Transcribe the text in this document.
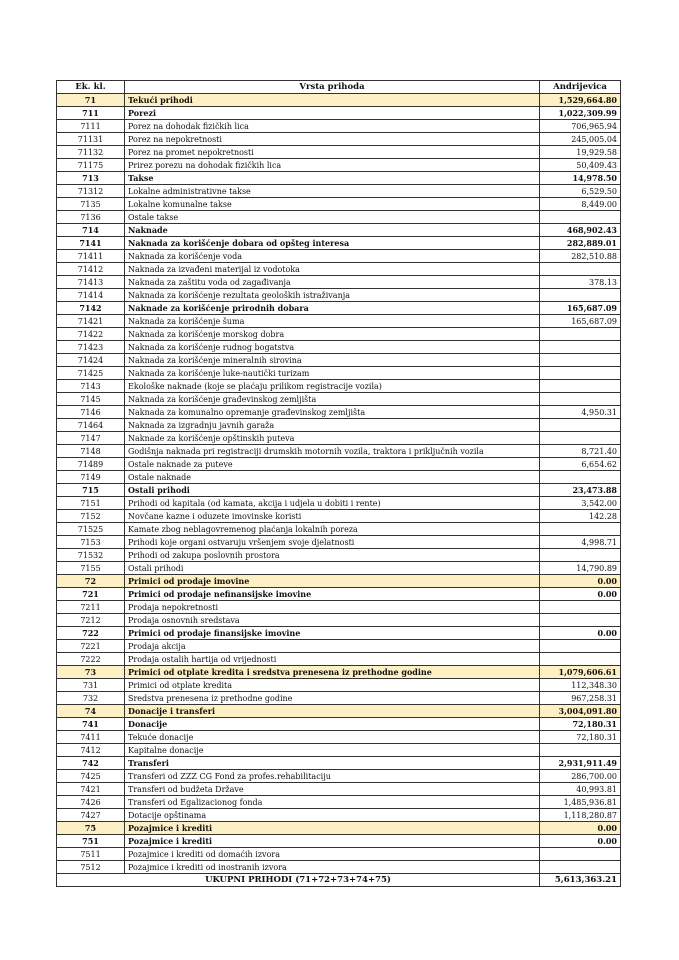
Ek. kl.	Vrsta prihoda	Andrijevica
71	Tekući prihodi	1,529,664.80
711	Porezi	1,022,309.99
7111	Porez na dohodak fizičkih lica	706,965.94
71131	Porez na nepokretnosti	245,005.04
71132	Porez na promet nepokretnosti	19,929.58
71175	Prirez porezu na dohodak fizičkih lica	50,409.43
713	Takse	14,978.50
71312	Lokalne administrativne takse	6,529.50
7135	Lokalne komunalne takse	8,449.00
7136	Ostale takse	
714	Naknade	468,902.43
7141	Naknada za korišćenje dobara od opšteg interesa	282,889.01
71411	Naknada za korišćenje voda	282,510.88
71412	Naknada za izvađeni materijal iz vodotoka	
71413	Naknada za zaštitu voda od zagađivanja	378.13
71414	Naknada za korišćenje rezultata geoloških istraživanja	
7142	Naknade za korišćenje prirodnih dobara	165,687.09
71421	Naknada za korišćenje šuma	165,687.09
71422	Naknada za korišćenje morskog dobra	
71423	Naknada za korišćenje rudnog bogatstva	
71424	Naknada za korišćenje mineralnih sirovina	
71425	Naknada za korišćenje luke-nautički turizam	
7143	Ekološke naknade (koje se plaćaju prilikom registracije vozila)	
7145	Naknada za korišćenje građevinskog zemljišta	
7146	Naknada za komunalno opremanje građevinskog zemljišta	4,950.31
71464	Naknada za izgradnju javnih garaža	
7147	Naknade za korišćenje opštinskih puteva	
7148	Godišnja naknada pri registraciji drumskih motornih vozila, traktora i priključnih vozila	8,721.40
71489	Ostale naknade za puteve	6,654.62
7149	Ostale naknade	
715	Ostali prihodi	23,473.88
7151	Prihodi od kapitala (od kamata, akcija i udjela u dobiti i rente)	3,542.00
7152	Novčane kazne i oduzete imovinske koristi	142.28
71525	Kamate zbog neblagovremenog plaćanja lokalnih poreza	
7153	Prihodi koje organi ostvaruju vršenjem svoje djelatnosti	4,998.71
71532	Prihodi od zakupa poslovnih prostora	
7155	Ostali prihodi	14,790.89
72	Primici od prodaje imovine	0.00
721	Primici od prodaje nefinansijske imovine	0.00
7211	Prodaja nepokretnosti	
7212	Prodaja osnovnih sredstava	
722	Primici od prodaje finansijske imovine	0.00
7221	Prodaja akcija	
7222	Prodaja ostalih hartija od vrijednosti	
73	Primici od otplate kredita i sredstva prenesena iz prethodne godine	1,079,606.61
731	Primici od otplate kredita	112,348.30
732	Sredstva prenesena iz prethodne godine	967,258.31
74	Donacije i transferi	3,004,091.80
741	Donacije	72,180.31
7411	Tekuće donacije	72,180.31
7412	Kapitalne donacije	
742	Transferi	2,931,911.49
7425	Transferi od ZZZ CG Fond za profes.rehabilitaciju	286,700.00
7421	Transferi od budžeta Države	40,993.81
7426	Transferi od Egalizacionog fonda	1,485,936.81
7427	Dotacije opštinama	1,118,280.87
75	Pozajmice i krediti	0.00
751	Pozajmice i krediti	0.00
7511	Pozajmice i krediti od domaćih izvora	
7512	Pozajmice i krediti od inostranih izvora	
UKUPNI PRIHODI (71+72+73+74+75)		5,613,363.21
